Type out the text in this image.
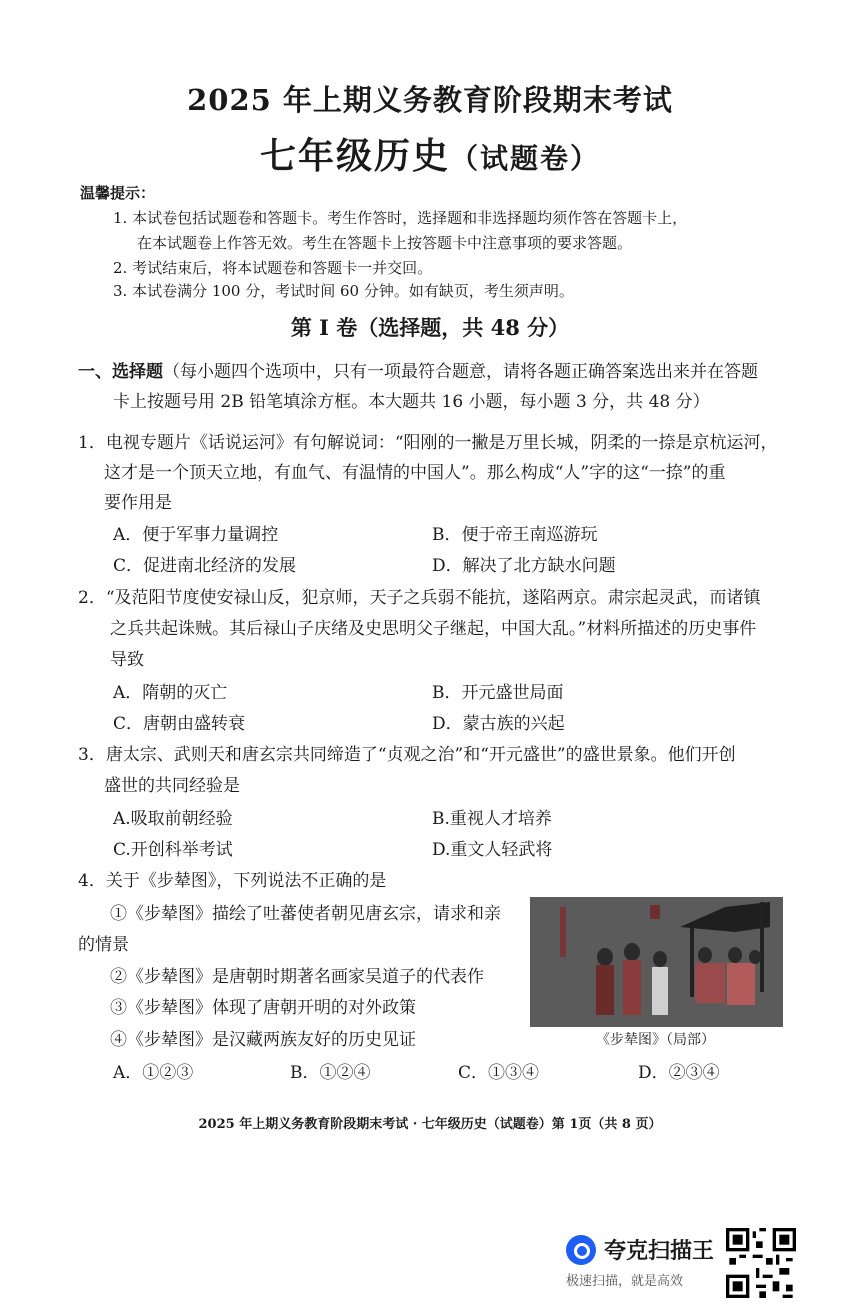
2025 年上期义务教育阶段期末考试
七年级历史（试题卷）
温馨提示：
1. 本试卷包括试题卷和答题卡。考生作答时，选择题和非选择题均须作答在答题卡上，
在本试题卷上作答无效。考生在答题卡上按答题卡中注意事项的要求答题。
2. 考试结束后，将本试题卷和答题卡一并交回。
3. 本试卷满分 100 分，考试时间 60 分钟。如有缺页，考生须声明。
第 I 卷（选择题，共 48 分）
一、选择题（每小题四个选项中，只有一项最符合题意，请将各题正确答案选出来并在答题
卡上按题号用 2B 铅笔填涂方框。本大题共 16 小题，每小题 3 分，共 48 分）
1．电视专题片《话说运河》有句解说词：“阳刚的一撇是万里长城，阴柔的一捺是京杭运河，
这才是一个顶天立地，有血气、有温情的中国人”。那么构成“人”字的这“一捺”的重
要作用是
A．便于军事力量调控	B．便于帝王南巡游玩
C．促进南北经济的发展	D．解决了北方缺水问题
2．“及范阳节度使安禄山反，犯京师，天子之兵弱不能抗，遂陷两京。肃宗起灵武，而诸镇
之兵共起诛贼。其后禄山子庆绪及史思明父子继起，中国大乱。”材料所描述的历史事件
导致
A．隋朝的灭亡	B．开元盛世局面
C．唐朝由盛转衰	D．蒙古族的兴起
3．唐太宗、武则天和唐玄宗共同缔造了“贞观之治”和“开元盛世”的盛世景象。他们开创
盛世的共同经验是
A.吸取前朝经验	B.重视人才培养
C.开创科举考试	D.重文人轻武将
4．关于《步辇图》，下列说法不正确的是
①《步辇图》描绘了吐蕃使者朝见唐玄宗，请求和亲
的情景
②《步辇图》是唐朝时期著名画家吴道子的代表作
③《步辇图》体现了唐朝开明的对外政策
④《步辇图》是汉藏两族友好的历史见证	《步辇图》（局部）
A．①②③	B．①②④	C．①③④	D．②③④
2025 年上期义务教育阶段期末考试 · 七年级历史（试题卷）第 1页（共 8 页）
夸克扫描王
极速扫描，就是高效
